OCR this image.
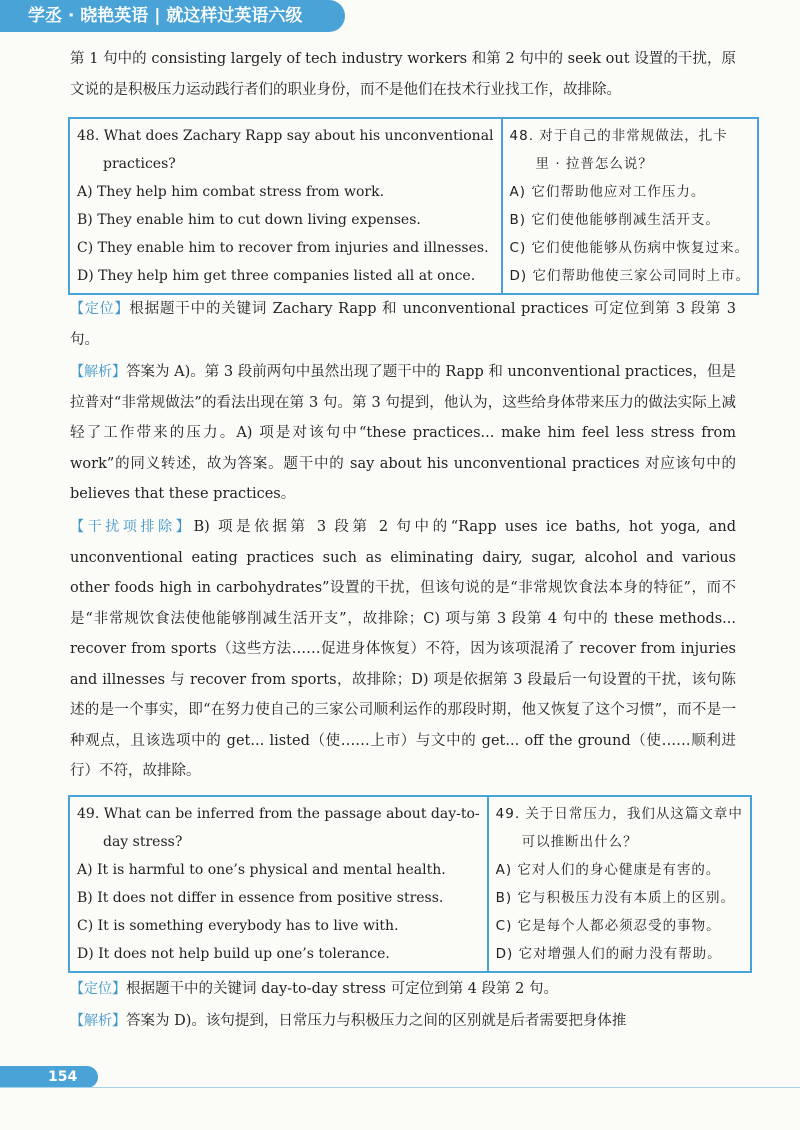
学丞 · 晓艳英语 | 就这样过英语六级

第 1 句中的 consisting largely of tech industry workers 和第 2 句中的 seek out 设置的干扰，原文说的是积极压力运动践行者们的职业身份，而不是他们在技术行业找工作，故排除。

48. What does Zachary Rapp say about his unconventional
practices?
A) They help him combat stress from work.
B) They enable him to cut down living expenses.
C) They enable him to recover from injuries and illnesses.
D) They help him get three companies listed all at once.

48. 对于自己的非常规做法，扎卡
里 · 拉普怎么说？
A) 它们帮助他应对工作压力。
B) 它们使他能够削减生活开支。
C) 它们使他能够从伤病中恢复过来。
D) 它们帮助他使三家公司同时上市。

【定位】根据题干中的关键词 Zachary Rapp 和 unconventional practices 可定位到第 3 段第 3 句。

【解析】答案为 A)。第 3 段前两句中虽然出现了题干中的 Rapp 和 unconventional practices，但是拉普对“非常规做法”的看法出现在第 3 句。第 3 句提到，他认为，这些给身体带来压力的做法实际上减轻了工作带来的压力。A) 项是对该句中“these practices... make him feel less stress from work”的同义转述，故为答案。题干中的 say about his unconventional practices 对应该句中的 believes that these practices。

【干扰项排除】B) 项是依据第 3 段第 2 句中的“Rapp uses ice baths, hot yoga, and unconventional eating practices such as eliminating dairy, sugar, alcohol and various other foods high in carbohydrates”设置的干扰，但该句说的是“非常规饮食法本身的特征”，而不是“非常规饮食法使他能够削减生活开支”，故排除；C) 项与第 3 段第 4 句中的 these methods... recover from sports（这些方法……促进身体恢复）不符，因为该项混淆了 recover from injuries and illnesses 与 recover from sports，故排除；D) 项是依据第 3 段最后一句设置的干扰，该句陈述的是一个事实，即“在努力使自己的三家公司顺利运作的那段时期，他又恢复了这个习惯”，而不是一种观点，且该选项中的 get... listed（使……上市）与文中的 get... off the ground（使……顺利进行）不符，故排除。

49. What can be inferred from the passage about day-to-
day stress?
A) It is harmful to one’s physical and mental health.
B) It does not differ in essence from positive stress.
C) It is something everybody has to live with.
D) It does not help build up one’s tolerance.

49. 关于日常压力，我们从这篇文章中
可以推断出什么？
A) 它对人们的身心健康是有害的。
B) 它与积极压力没有本质上的区别。
C) 它是每个人都必须忍受的事物。
D) 它对增强人们的耐力没有帮助。

【定位】根据题干中的关键词 day-to-day stress 可定位到第 4 段第 2 句。

【解析】答案为 D)。该句提到，日常压力与积极压力之间的区别就是后者需要把身体推

154
